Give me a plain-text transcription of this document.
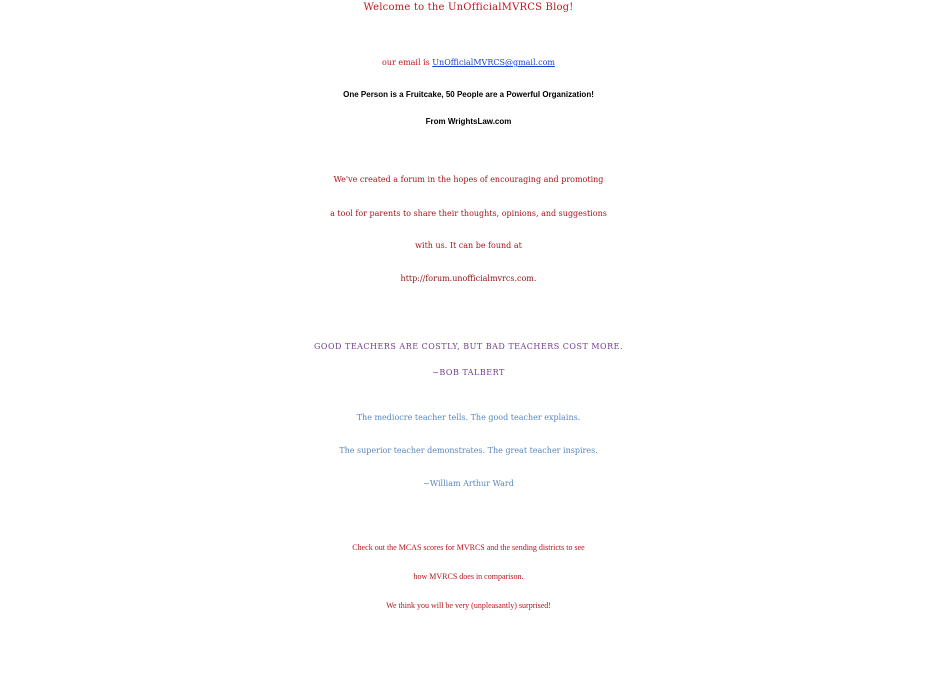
Welcome to the UnOfficialMVRCS Blog!
our email is UnOfficialMVRCS@gmail.com
One Person is a Fruitcake, 50 People are a Powerful Organization!
From WrightsLaw.com
We've created a forum in the hopes of encouraging and promoting
a tool for parents to share their thoughts, opinions, and suggestions
with us. It can be found at
http://forum.unofficialmvrcs.com.
GOOD TEACHERS ARE COSTLY, BUT BAD TEACHERS COST MORE.
~BOB TALBERT
The mediocre teacher tells. The good teacher explains.
The superior teacher demonstrates. The great teacher inspires.
~William Arthur Ward
Check out the MCAS scores for MVRCS and the sending districts to see
how MVRCS does in comparison.
We think you will be very (unpleasantly) surprised!
